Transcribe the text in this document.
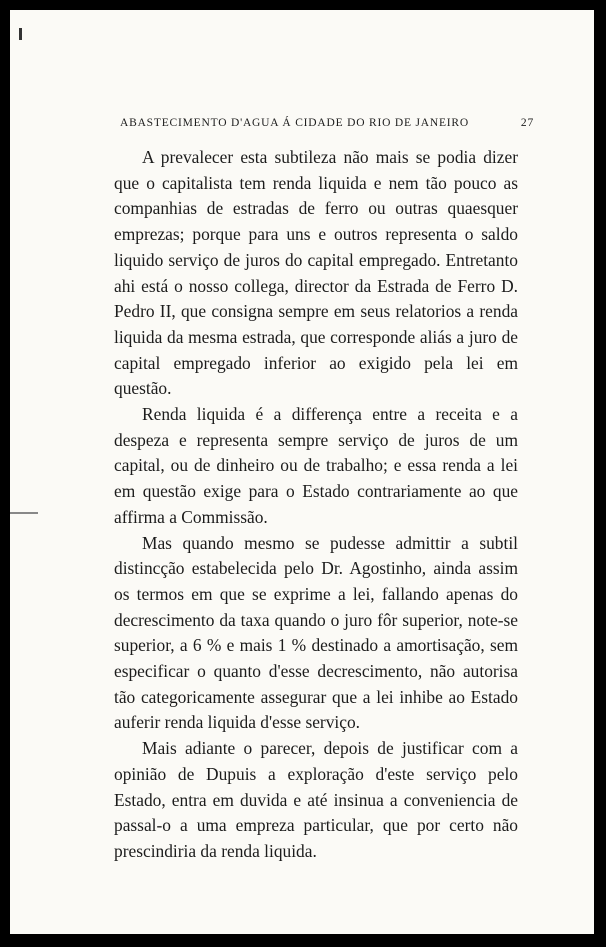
ABASTECIMENTO D'AGUA Á CIDADE DO RIO DE JANEIRO	27

A prevalecer esta subtileza não mais se podia dizer que o capitalista tem renda liquida e nem tão pouco as companhias de estradas de ferro ou outras quaesquer emprezas; porque para uns e outros representa o saldo liquido serviço de juros do capital empregado. Entretanto ahi está o nosso collega, director da Estrada de Ferro D. Pedro II, que consigna sempre em seus relatorios a renda liquida da mesma estrada, que corresponde aliás a juro de capital empregado inferior ao exigido pela lei em questão.

Renda liquida é a differença entre a receita e a despeza e representa sempre serviço de juros de um capital, ou de dinheiro ou de trabalho; e essa renda a lei em questão exige para o Estado contrariamente ao que affirma a Commissão.

Mas quando mesmo se pudesse admittir a subtil distincção estabelecida pelo Dr. Agostinho, ainda assim os termos em que se exprime a lei, fallando apenas do decrescimento da taxa quando o juro fôr superior, note-se superior, a 6 % e mais 1 % destinado a amortisação, sem especificar o quanto d'esse decrescimento, não autorisa tão categoricamente assegurar que a lei inhibe ao Estado auferir renda liquida d'esse serviço.

Mais adiante o parecer, depois de justificar com a opinião de Dupuis a exploração d'este serviço pelo Estado, entra em duvida e até insinua a conveniencia de passal-o a uma empreza particular, que por certo não prescindiria da renda liquida.
